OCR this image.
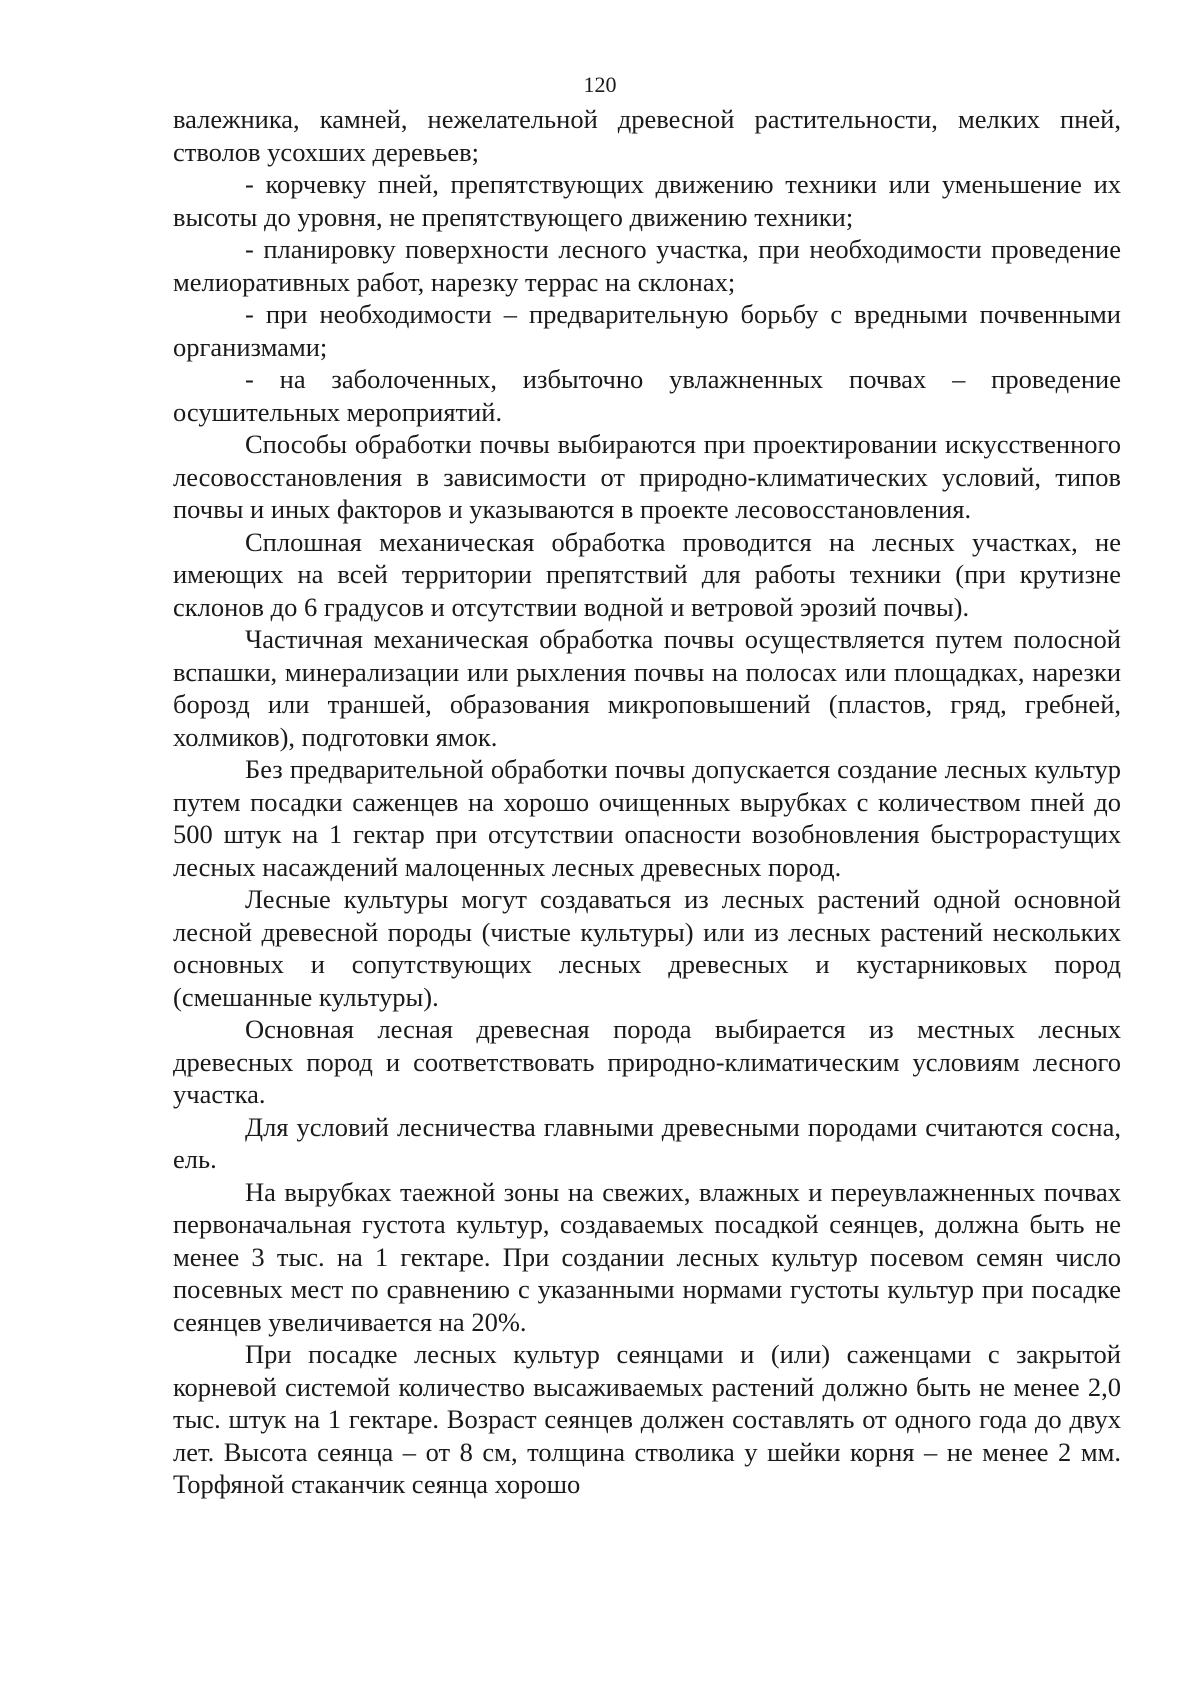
120

валежника, камней, нежелательной древесной растительности, мелких пней, стволов усохших деревьев;

- корчевку пней, препятствующих движению техники или уменьшение их высоты до уровня, не препятствующего движению техники;

- планировку поверхности лесного участка, при необходимости проведение мелиоративных работ, нарезку террас на склонах;

- при необходимости – предварительную борьбу с вредными почвенными организмами;

- на заболоченных, избыточно увлажненных почвах – проведение осушительных мероприятий.

Способы обработки почвы выбираются при проектировании искусственного лесовосстановления в зависимости от природно-климатических условий, типов почвы и иных факторов и указываются в проекте лесовосстановления.

Сплошная механическая обработка проводится на лесных участках, не имеющих на всей территории препятствий для работы техники (при крутизне склонов до 6 градусов и отсутствии водной и ветровой эрозий почвы).

Частичная механическая обработка почвы осуществляется путем полосной вспашки, минерализации или рыхления почвы на полосах или площадках, нарезки борозд или траншей, образования микроповышений (пластов, гряд, гребней, холмиков), подготовки ямок.

Без предварительной обработки почвы допускается создание лесных культур путем посадки саженцев на хорошо очищенных вырубках с количеством пней до 500 штук на 1 гектар при отсутствии опасности возобновления быстрорастущих лесных насаждений малоценных лесных древесных пород.

Лесные культуры могут создаваться из лесных растений одной основной лесной древесной породы (чистые культуры) или из лесных растений нескольких основных и сопутствующих лесных древесных и кустарниковых пород (смешанные культуры).

Основная лесная древесная порода выбирается из местных лесных древесных пород и соответствовать природно-климатическим условиям лесного участка.

Для условий лесничества главными древесными породами считаются сосна, ель.

На вырубках таежной зоны на свежих, влажных и переувлажненных почвах первоначальная густота культур, создаваемых посадкой сеянцев, должна быть не менее 3 тыс. на 1 гектаре. При создании лесных культур посевом семян число посевных мест по сравнению с указанными нормами густоты культур при посадке сеянцев увеличивается на 20%.

При посадке лесных культур сеянцами и (или) саженцами с закрытой корневой системой количество высаживаемых растений должно быть не менее 2,0 тыс. штук на 1 гектаре. Возраст сеянцев должен составлять от одного года до двух лет. Высота сеянца – от 8 см, толщина стволика у шейки корня – не менее 2 мм. Торфяной стаканчик сеянца хорошо
